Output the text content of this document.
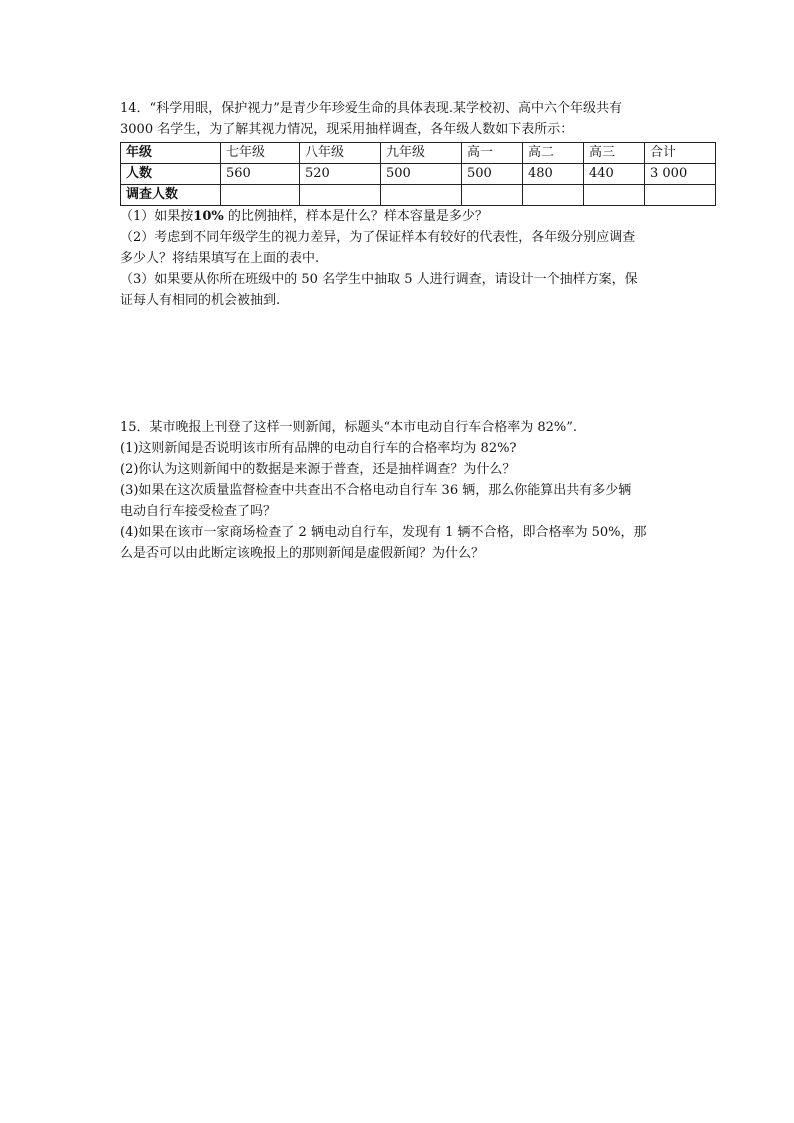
14．“科学用眼，保护视力”是青少年珍爱生命的具体表现.某学校初、高中六个年级共有
3000 名学生，为了解其视力情况，现采用抽样调查，各年级人数如下表所示：
年级	七年级	八年级	九年级	高一	高二	高三	合计
人数	560	520	500	500	480	440	3 000
调查人数							
（1）如果按10% 的比例抽样，样本是什么？样本容量是多少？
（2）考虑到不同年级学生的视力差异，为了保证样本有较好的代表性，各年级分别应调查
多少人？将结果填写在上面的表中.
（3）如果要从你所在班级中的 50 名学生中抽取 5 人进行调查，请设计一个抽样方案，保
证每人有相同的机会被抽到.
15．某市晚报上刊登了这样一则新闻，标题头“本市电动自行车合格率为 82%”.
(1)这则新闻是否说明该市所有品牌的电动自行车的合格率均为 82%?
(2)你认为这则新闻中的数据是来源于普查，还是抽样调查？为什么？
(3)如果在这次质量监督检查中共查出不合格电动自行车 36 辆，那么你能算出共有多少辆
电动自行车接受检查了吗？
(4)如果在该市一家商场检查了 2 辆电动自行车，发现有 1 辆不合格，即合格率为 50%，那
么是否可以由此断定该晚报上的那则新闻是虚假新闻？为什么？
